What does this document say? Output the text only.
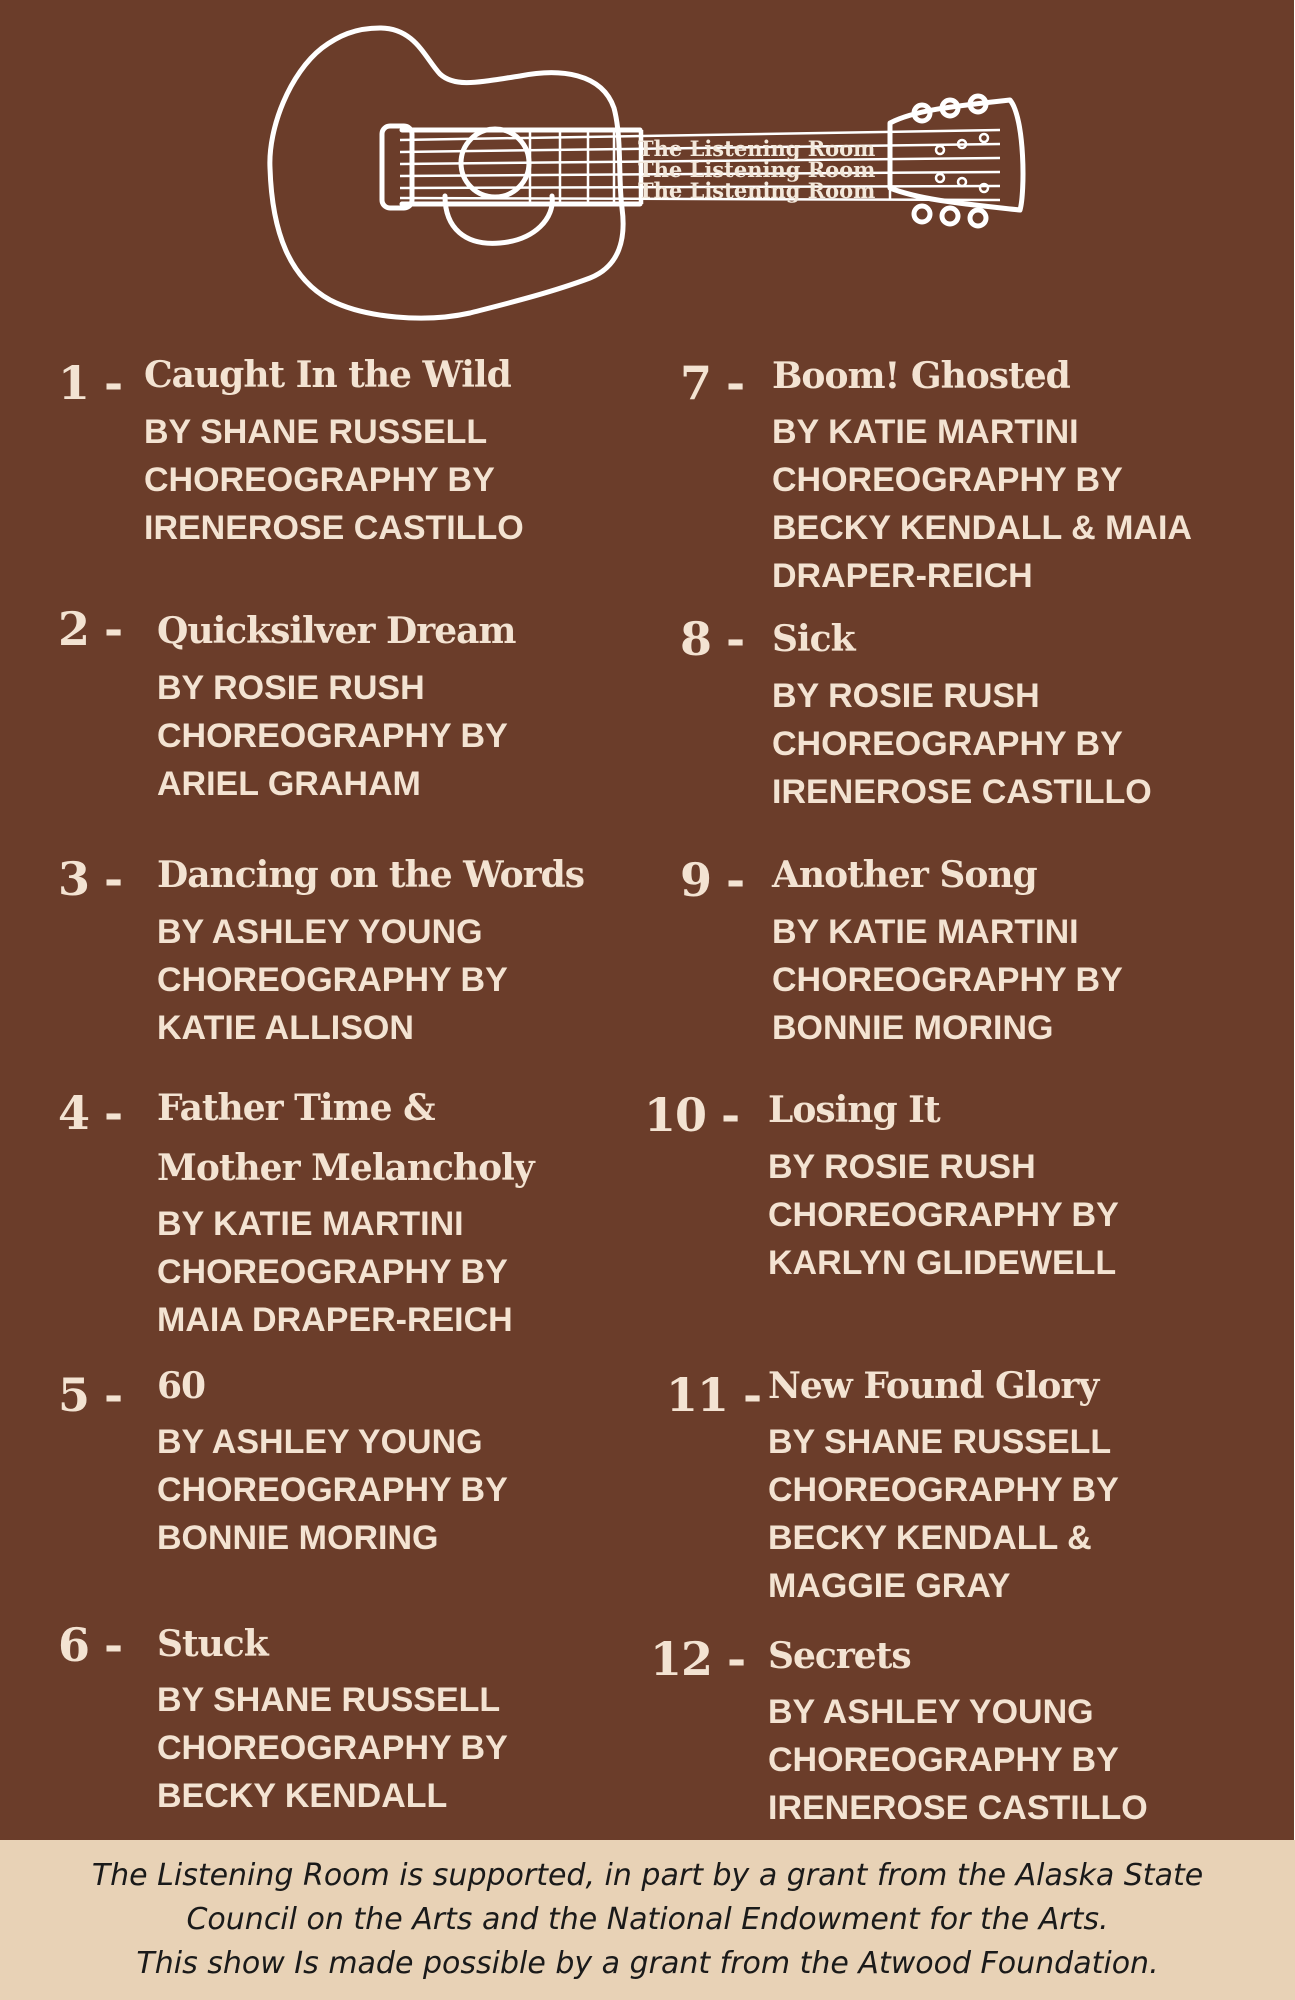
The Listening Room
The Listening Room
The Listening Room
1 - Caught In the Wild
BY SHANE RUSSELL
CHOREOGRAPHY BY
IRENEROSE CASTILLO
2 - Quicksilver Dream
BY ROSIE RUSH
CHOREOGRAPHY BY
ARIEL GRAHAM
3 - Dancing on the Words
BY ASHLEY YOUNG
CHOREOGRAPHY BY
KATIE ALLISON
4 - Father Time &
Mother Melancholy
BY KATIE MARTINI
CHOREOGRAPHY BY
MAIA DRAPER-REICH
5 - 60
BY ASHLEY YOUNG
CHOREOGRAPHY BY
BONNIE MORING
6 - Stuck
BY SHANE RUSSELL
CHOREOGRAPHY BY
BECKY KENDALL
7 - Boom! Ghosted
BY KATIE MARTINI
CHOREOGRAPHY BY
BECKY KENDALL & MAIA
DRAPER-REICH
8 - Sick
BY ROSIE RUSH
CHOREOGRAPHY BY
IRENEROSE CASTILLO
9 - Another Song
BY KATIE MARTINI
CHOREOGRAPHY BY
BONNIE MORING
10 - Losing It
BY ROSIE RUSH
CHOREOGRAPHY BY
KARLYN GLIDEWELL
11 - New Found Glory
BY SHANE RUSSELL
CHOREOGRAPHY BY
BECKY KENDALL &
MAGGIE GRAY
12 - Secrets
BY ASHLEY YOUNG
CHOREOGRAPHY BY
IRENEROSE CASTILLO
The Listening Room is supported, in part by a grant from the Alaska State
Council on the Arts and the National Endowment for the Arts.
This show Is made possible by a grant from the Atwood Foundation.
